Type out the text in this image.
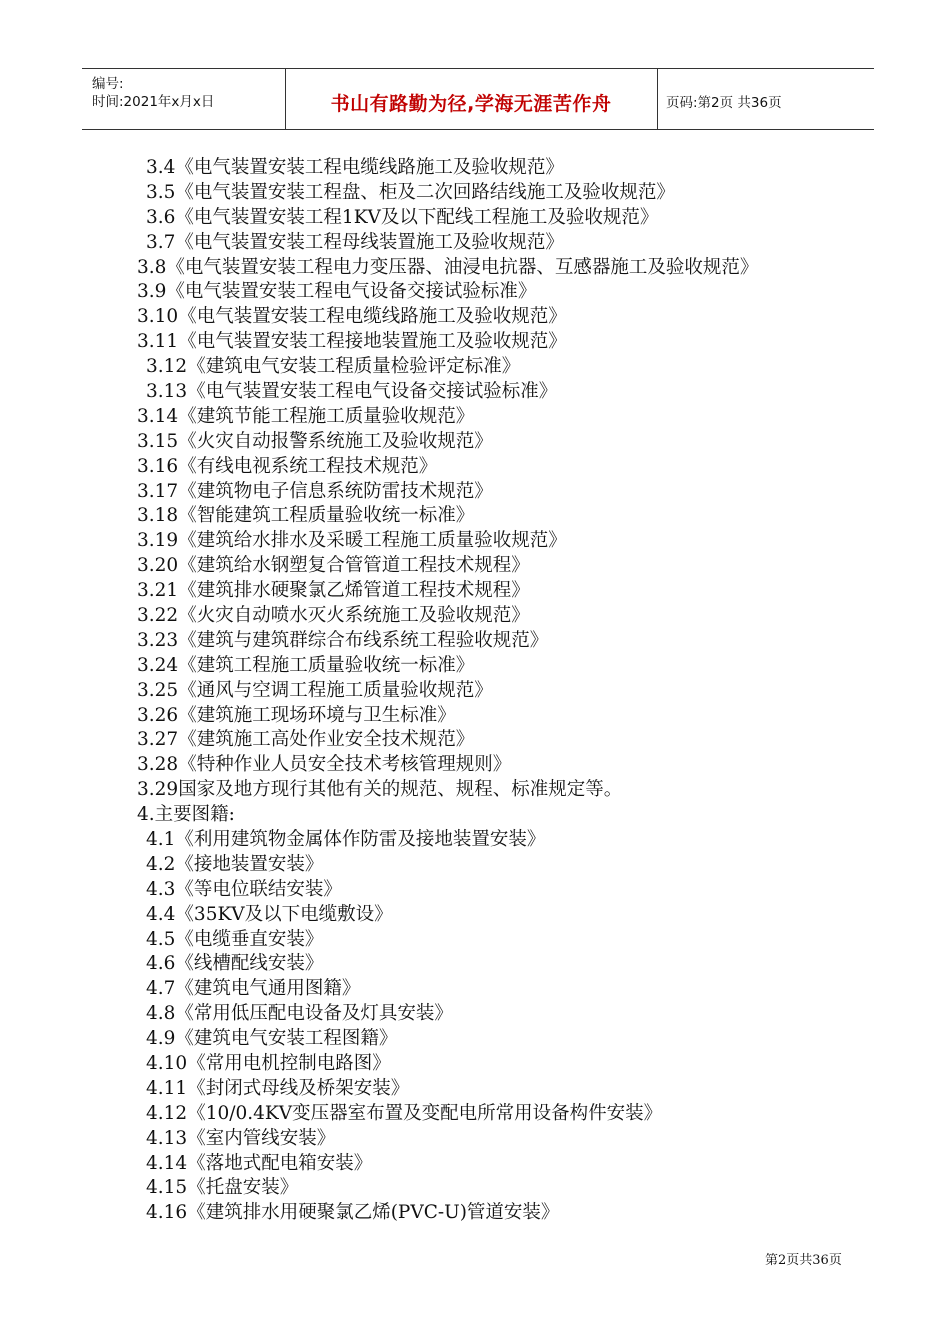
编号:
时间:2021年x月x日	书山有路勤为径,学海无涯苦作舟	页码:第2页 共36页
3.4《电气装置安装工程电缆线路施工及验收规范》
3.5《电气装置安装工程盘、柜及二次回路结线施工及验收规范》
3.6《电气装置安装工程1KV及以下配线工程施工及验收规范》
3.7《电气装置安装工程母线装置施工及验收规范》
3.8《电气装置安装工程电力变压器、油浸电抗器、互感器施工及验收规范》
3.9《电气装置安装工程电气设备交接试验标准》
3.10《电气装置安装工程电缆线路施工及验收规范》
3.11《电气装置安装工程接地装置施工及验收规范》
3.12《建筑电气安装工程质量检验评定标准》
3.13《电气装置安装工程电气设备交接试验标准》
3.14《建筑节能工程施工质量验收规范》
3.15《火灾自动报警系统施工及验收规范》
3.16《有线电视系统工程技术规范》
3.17《建筑物电子信息系统防雷技术规范》
3.18《智能建筑工程质量验收统一标准》
3.19《建筑给水排水及采暖工程施工质量验收规范》
3.20《建筑给水钢塑复合管管道工程技术规程》
3.21《建筑排水硬聚氯乙烯管道工程技术规程》
3.22《火灾自动喷水灭火系统施工及验收规范》
3.23《建筑与建筑群综合布线系统工程验收规范》
3.24《建筑工程施工质量验收统一标准》
3.25《通风与空调工程施工质量验收规范》
3.26《建筑施工现场环境与卫生标准》
3.27《建筑施工高处作业安全技术规范》
3.28《特种作业人员安全技术考核管理规则》
3.29国家及地方现行其他有关的规范、规程、标准规定等。
4.主要图籍:
4.1《利用建筑物金属体作防雷及接地装置安装》
4.2《接地装置安装》
4.3《等电位联结安装》
4.4《35KV及以下电缆敷设》
4.5《电缆垂直安装》
4.6《线槽配线安装》
4.7《建筑电气通用图籍》
4.8《常用低压配电设备及灯具安装》
4.9《建筑电气安装工程图籍》
4.10《常用电机控制电路图》
4.11《封闭式母线及桥架安装》
4.12《10/0.4KV变压器室布置及变配电所常用设备构件安装》
4.13《室内管线安装》
4.14《落地式配电箱安装》
4.15《托盘安装》
4.16《建筑排水用硬聚氯乙烯(PVC-U)管道安装》
第2页共36页
